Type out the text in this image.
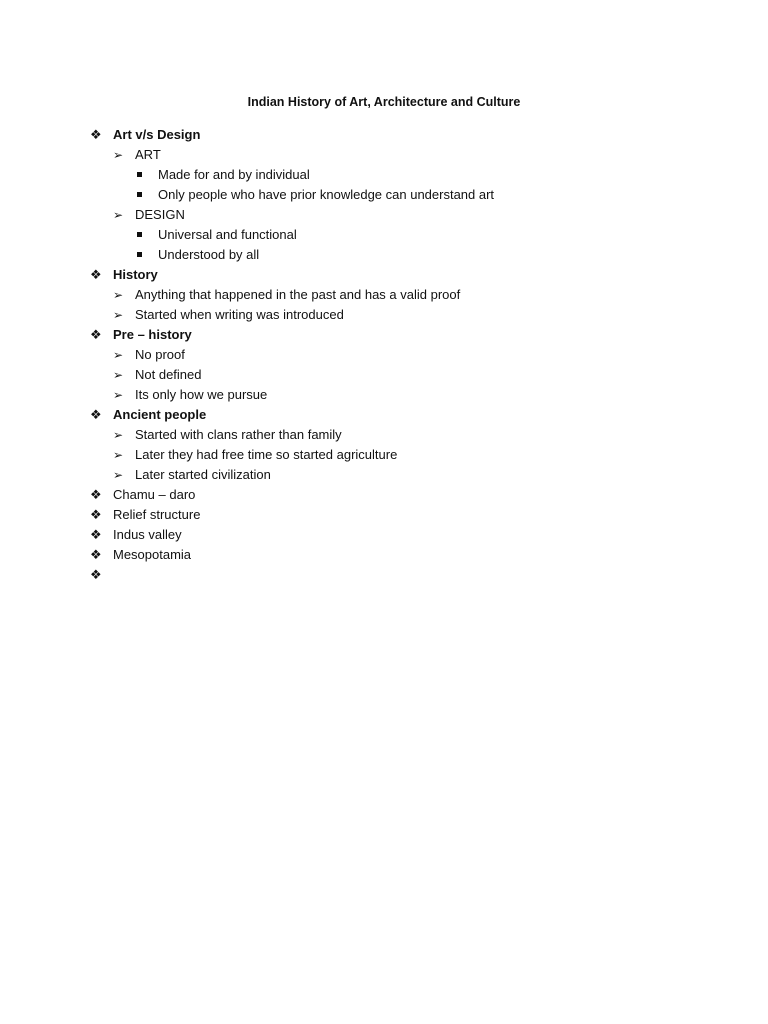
Indian History of Art, Architecture and Culture
❖ Art v/s Design
➢ ART
Made for and by individual
Only people who have prior knowledge can understand art
➢ DESIGN
Universal and functional
Understood by all
❖ History
➢ Anything that happened in the past and has a valid proof
➢ Started when writing was introduced
❖ Pre – history
➢ No proof
➢ Not defined
➢ Its only how we pursue
❖ Ancient people
➢ Started with clans rather than family
➢ Later they had free time so started agriculture
➢ Later started civilization
❖ Chamu – daro
❖ Relief structure
❖ Indus valley
❖ Mesopotamia
❖
